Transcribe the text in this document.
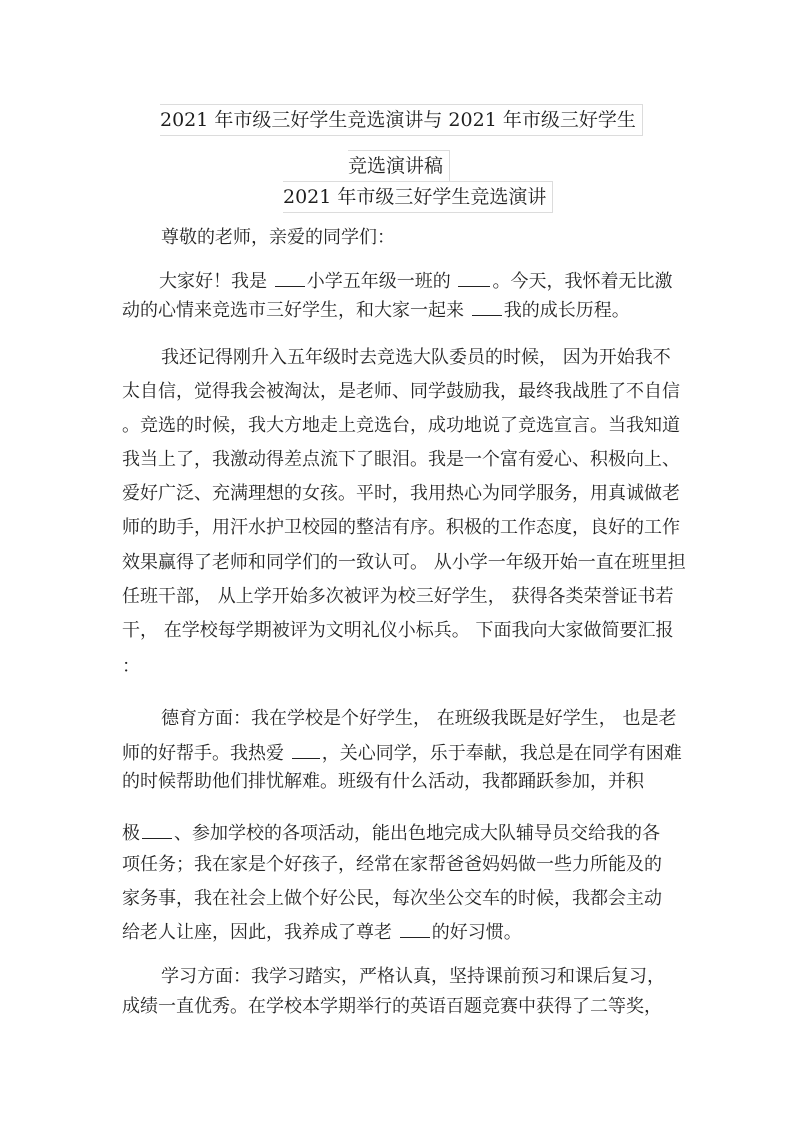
2021 年市级三好学生竞选演讲与 2021 年市级三好学生
竞选演讲稿
2021 年市级三好学生竞选演讲
尊敬的老师，亲爱的同学们：
大家好！我是 小学五年级一班的 。今天，我怀着无比激
动的心情来竞选市三好学生，和大家一起来 我的成长历程。
我还记得刚升入五年级时去竞选大队委员的时候， 因为开始我不
太自信，觉得我会被淘汰，是老师、同学鼓励我，最终我战胜了不自信
。竞选的时候，我大方地走上竞选台，成功地说了竞选宣言。当我知道
我当上了，我激动得差点流下了眼泪。我是一个富有爱心、积极向上、
爱好广泛、充满理想的女孩。平时，我用热心为同学服务，用真诚做老
师的助手，用汗水护卫校园的整洁有序。积极的工作态度，良好的工作
效果赢得了老师和同学们的一致认可。 从小学一年级开始一直在班里担
任班干部， 从上学开始多次被评为校三好学生， 获得各类荣誉证书若
干， 在学校每学期被评为文明礼仪小标兵。 下面我向大家做简要汇报
：
德育方面：我在学校是个好学生， 在班级我既是好学生， 也是老
师的好帮手。我热爱 ，关心同学，乐于奉献，我总是在同学有困难
的时候帮助他们排忧解难。班级有什么活动，我都踊跃参加，并积
极 、参加学校的各项活动，能出色地完成大队辅导员交给我的各
项任务；我在家是个好孩子，经常在家帮爸爸妈妈做一些力所能及的
家务事，我在社会上做个好公民，每次坐公交车的时候，我都会主动
给老人让座，因此，我养成了尊老 的好习惯。
学习方面：我学习踏实，严格认真，坚持课前预习和课后复习，
成绩一直优秀。在学校本学期举行的英语百题竞赛中获得了二等奖，
